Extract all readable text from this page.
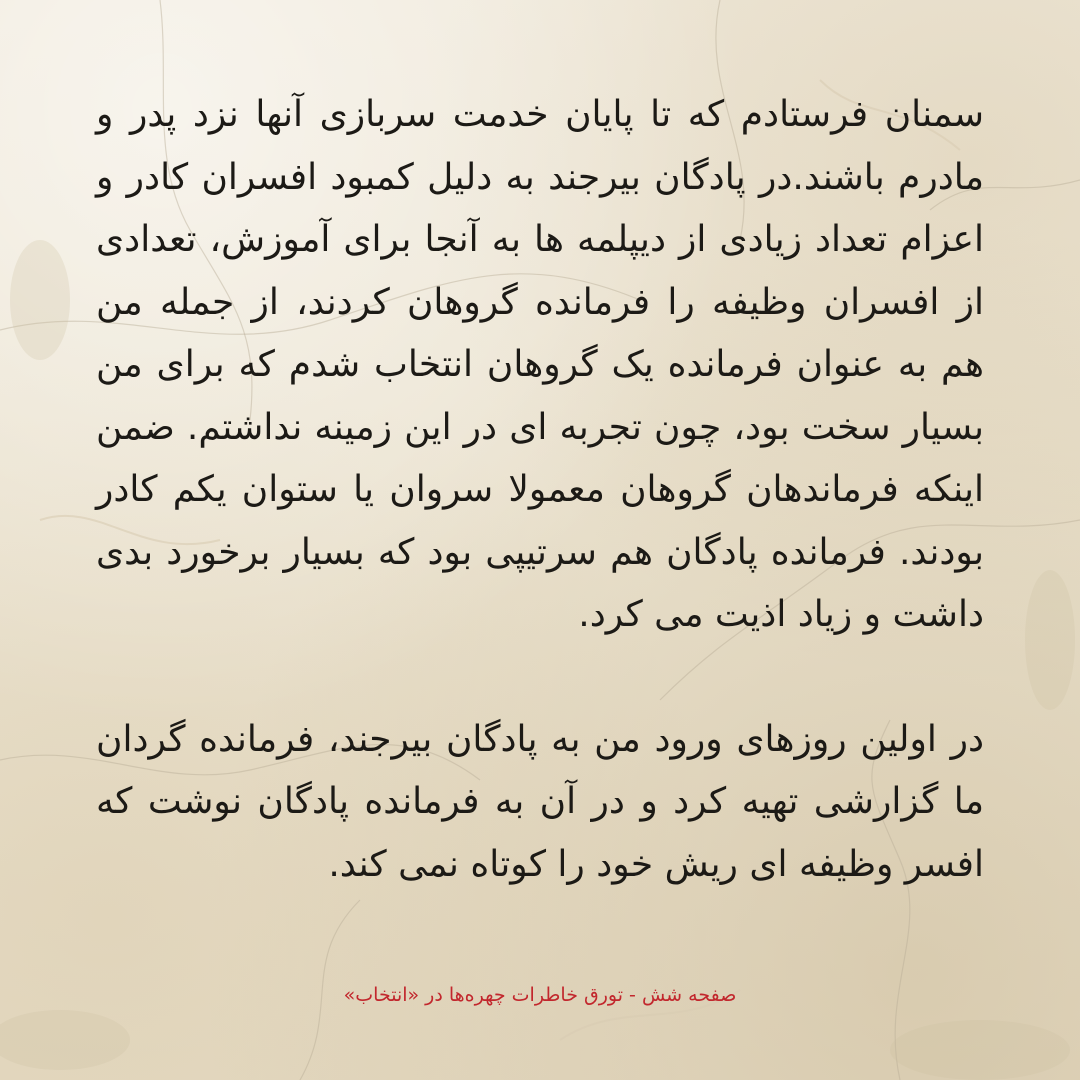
سمنان فرستادم که تا پایان خدمت سربازی آنها نزد پدر و مادرم باشند.در پادگان بیرجند به دلیل کمبود افسران کادر و اعزام تعداد زیادی از دیپلمه ها به آنجا برای آموزش، تعدادی از افسران وظیفه را فرمانده گروهان کردند، از جمله من هم به عنوان فرمانده یک گروهان انتخاب شدم که برای من بسیار سخت بود، چون تجربه ای در این زمینه نداشتم. ضمن اینکه فرماندهان گروهان معمولا سروان یا ستوان یکم کادر بودند. فرمانده پادگان هم سرتیپی بود که بسیار برخورد بدی داشت و زیاد اذیت می کرد.

در اولین روزهای ورود من به پادگان بیرجند، فرمانده گردان ما گزارشی تهیه کرد و در آن به فرمانده پادگان نوشت که افسر وظیفه ای ریش خود را کوتاه نمی کند.

صفحه شش - تورق خاطرات چهره‌ها در «انتخاب»
